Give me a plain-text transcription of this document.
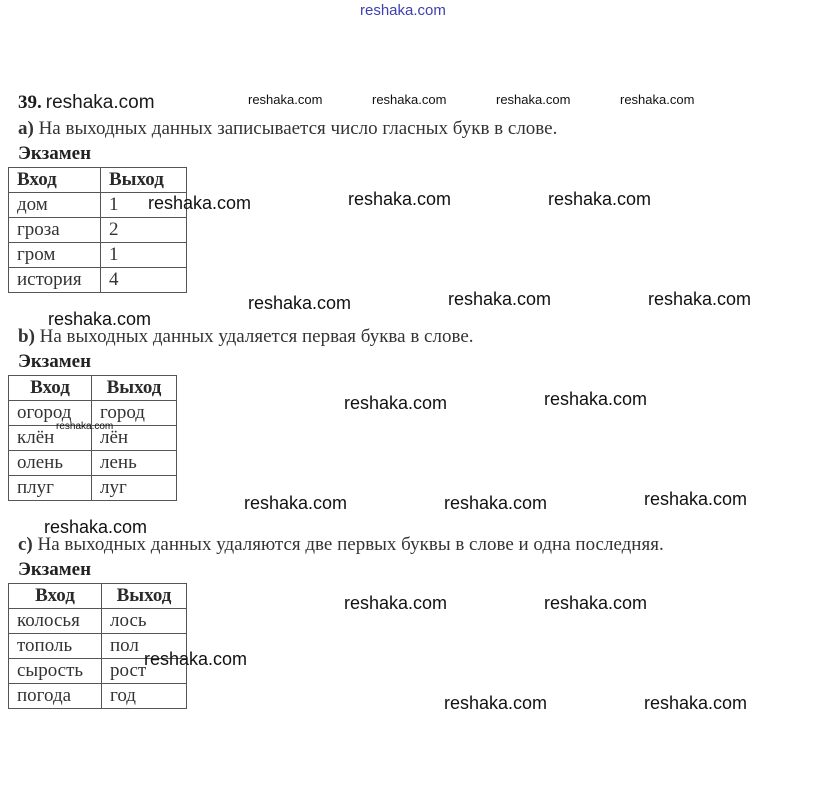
reshaka.com
39. reshaka.com	reshaka.com	reshaka.com	reshaka.com	reshaka.com
a) На выходных данных записывается число гласных букв в слове.
Экзамен
Вход	Выход
дом	1
гроза	2
гром	1
история	4
reshaka.com	reshaka.com	reshaka.com
reshaka.com	reshaka.com	reshaka.com
reshaka.com
b) На выходных данных удаляется первая буква в слове.
Экзамен
Вход	Выход
огород	город
клён	лён
олень	лень
плуг	луг
reshaka.com
reshaka.com	reshaka.com
reshaka.com	reshaka.com	reshaka.com
reshaka.com
c) На выходных данных удаляются две первых буквы в слове и одна последняя.
Экзамен
Вход	Выход
колосья	лось
тополь	пол
сырость	рост
погода	год
reshaka.com	reshaka.com
reshaka.com
reshaka.com	reshaka.com
